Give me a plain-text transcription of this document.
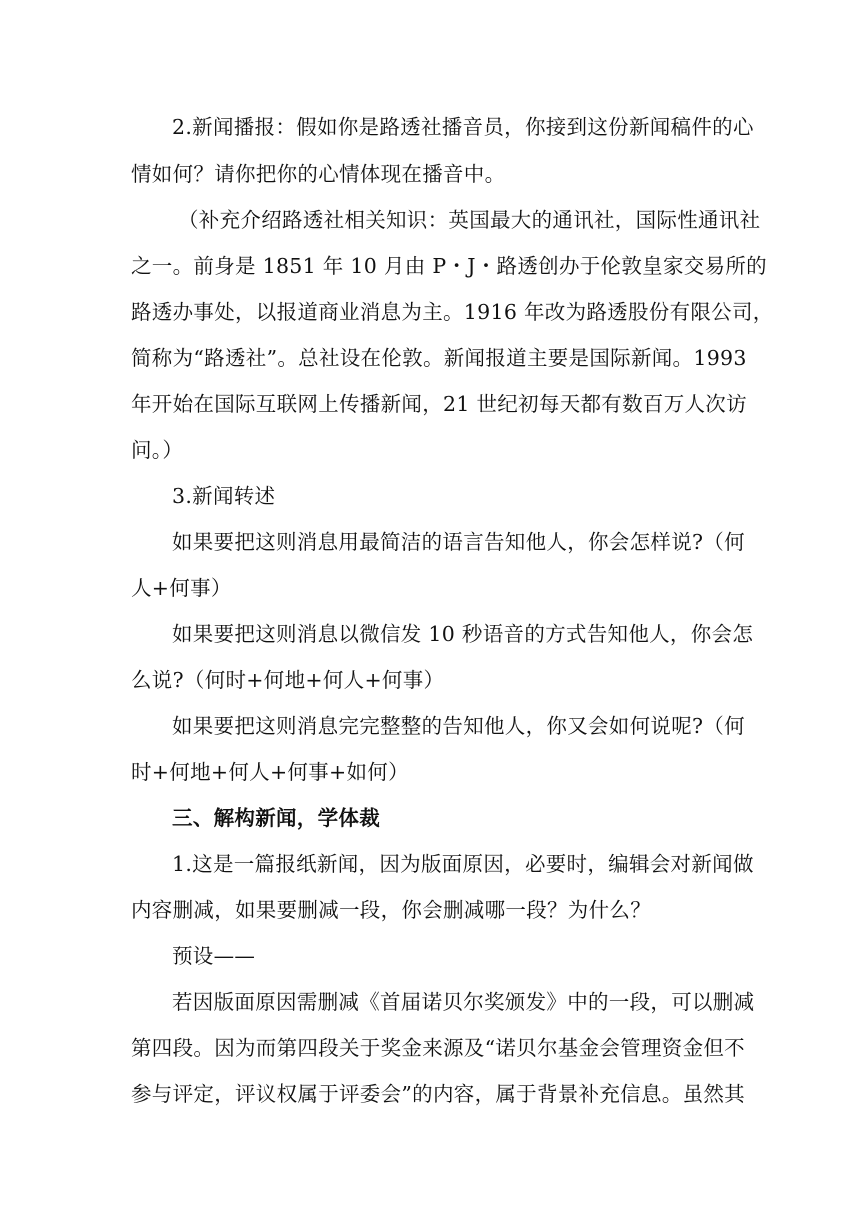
2.新闻播报：假如你是路透社播音员，你接到这份新闻稿件的心
情如何？请你把你的心情体现在播音中。
（补充介绍路透社相关知识：英国最大的通讯社，国际性通讯社
之一。前身是 1851 年 10 月由 P・J・路透创办于伦敦皇家交易所的
路透办事处，以报道商业消息为主。1916 年改为路透股份有限公司，
简称为“路透社”。总社设在伦敦。新闻报道主要是国际新闻。1993
年开始在国际互联网上传播新闻，21 世纪初每天都有数百万人次访
问。）
3.新闻转述
如果要把这则消息用最简洁的语言告知他人，你会怎样说?（何
人+何事）
如果要把这则消息以微信发 10 秒语音的方式告知他人，你会怎
么说?（何时+何地+何人+何事）
如果要把这则消息完完整整的告知他人，你又会如何说呢?（何
时+何地+何人+何事+如何）
三、解构新闻，学体裁
1.这是一篇报纸新闻，因为版面原因，必要时，编辑会对新闻做
内容删减，如果要删减一段，你会删减哪一段？为什么？
预设——
若因版面原因需删减《首届诺贝尔奖颁发》中的一段，可以删减
第四段。因为而第四段关于奖金来源及“诺贝尔基金会管理资金但不
参与评定，评议权属于评委会”的内容，属于背景补充信息。虽然其
